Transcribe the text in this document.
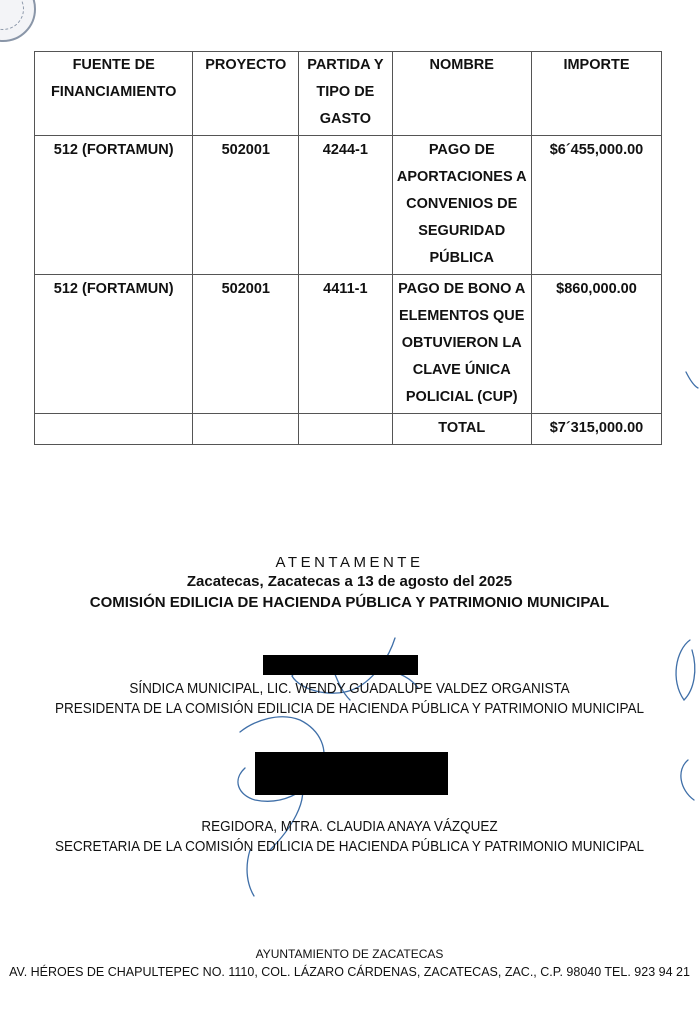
FUENTE DE FINANCIAMIENTO	PROYECTO	PARTIDA Y TIPO DE GASTO	NOMBRE	IMPORTE
512 (FORTAMUN)	502001	4244-1	PAGO DE APORTACIONES A CONVENIOS DE SEGURIDAD PÚBLICA	$6´455,000.00
512 (FORTAMUN)	502001	4411-1	PAGO DE BONO A ELEMENTOS QUE OBTUVIERON LA CLAVE ÚNICA POLICIAL (CUP)	$860,000.00
			TOTAL	$7´315,000.00
ATENTAMENTE
Zacatecas, Zacatecas a 13 de agosto del 2025
COMISIÓN EDILICIA DE HACIENDA PÚBLICA Y PATRIMONIO MUNICIPAL
SÍNDICA MUNICIPAL, LIC. WENDY GUADALUPE VALDEZ ORGANISTA
PRESIDENTA DE LA COMISIÓN EDILICIA DE HACIENDA PÚBLICA Y PATRIMONIO MUNICIPAL
REGIDORA, MTRA. CLAUDIA ANAYA VÁZQUEZ
SECRETARIA DE LA COMISIÓN EDILICIA DE HACIENDA PÚBLICA Y PATRIMONIO MUNICIPAL
AYUNTAMIENTO DE ZACATECAS
AV. HÉROES DE CHAPULTEPEC NO. 1110, COL. LÁZARO CÁRDENAS, ZACATECAS, ZAC., C.P. 98040 TEL. 923 94 21
